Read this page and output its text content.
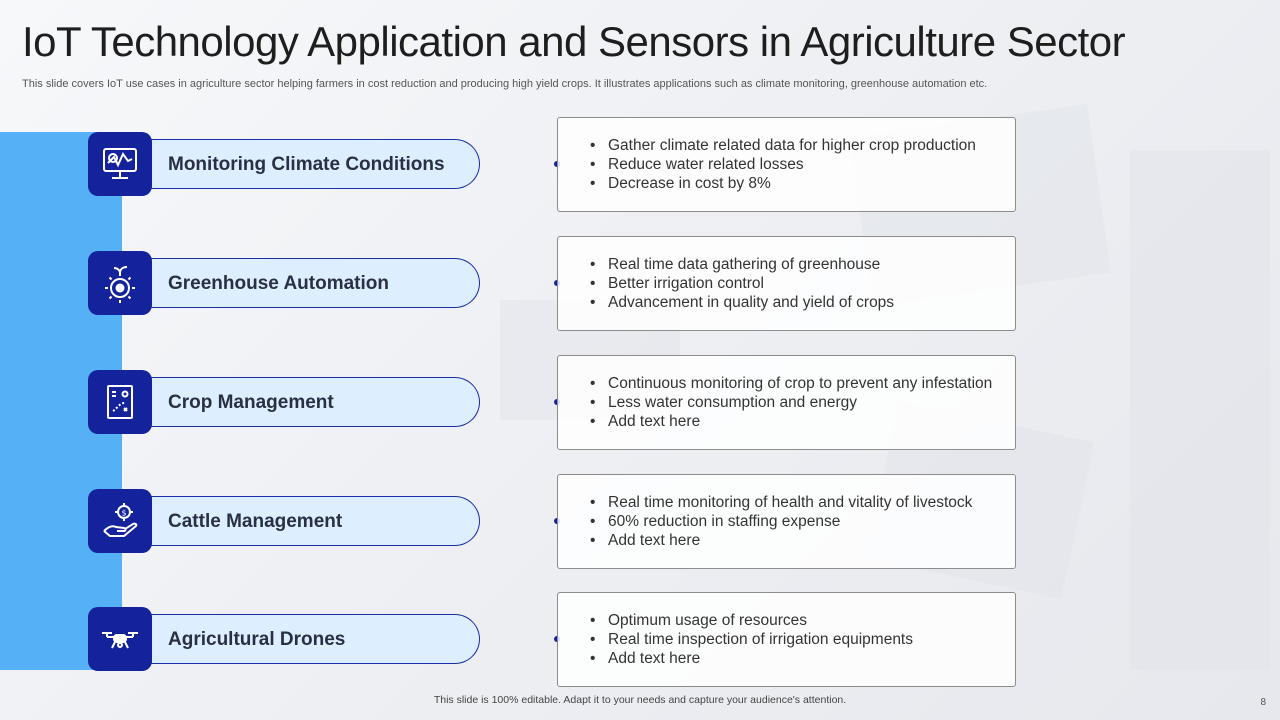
IoT Technology Application and Sensors in Agriculture Sector

This slide covers IoT use cases in agriculture sector helping farmers in cost reduction and producing high yield crops. It illustrates applications such as climate monitoring, greenhouse automation etc.

Monitoring Climate Conditions
• Gather climate related data for higher crop production
• Reduce water related losses
• Decrease in cost by 8%
Greenhouse Automation
• Real time data gathering of greenhouse
• Better irrigation control
• Advancement in quality and yield of crops
Crop Management
• Continuous monitoring of crop to prevent any infestation
• Less water consumption and energy
• Add text here
Cattle Management
$
• Real time monitoring of health and vitality of livestock
• 60% reduction in staffing expense
• Add text here
Agricultural Drones
• Optimum usage of resources
• Real time inspection of irrigation equipments
• Add text here
This slide is 100% editable. Adapt it to your needs and capture your audience's attention.	8
